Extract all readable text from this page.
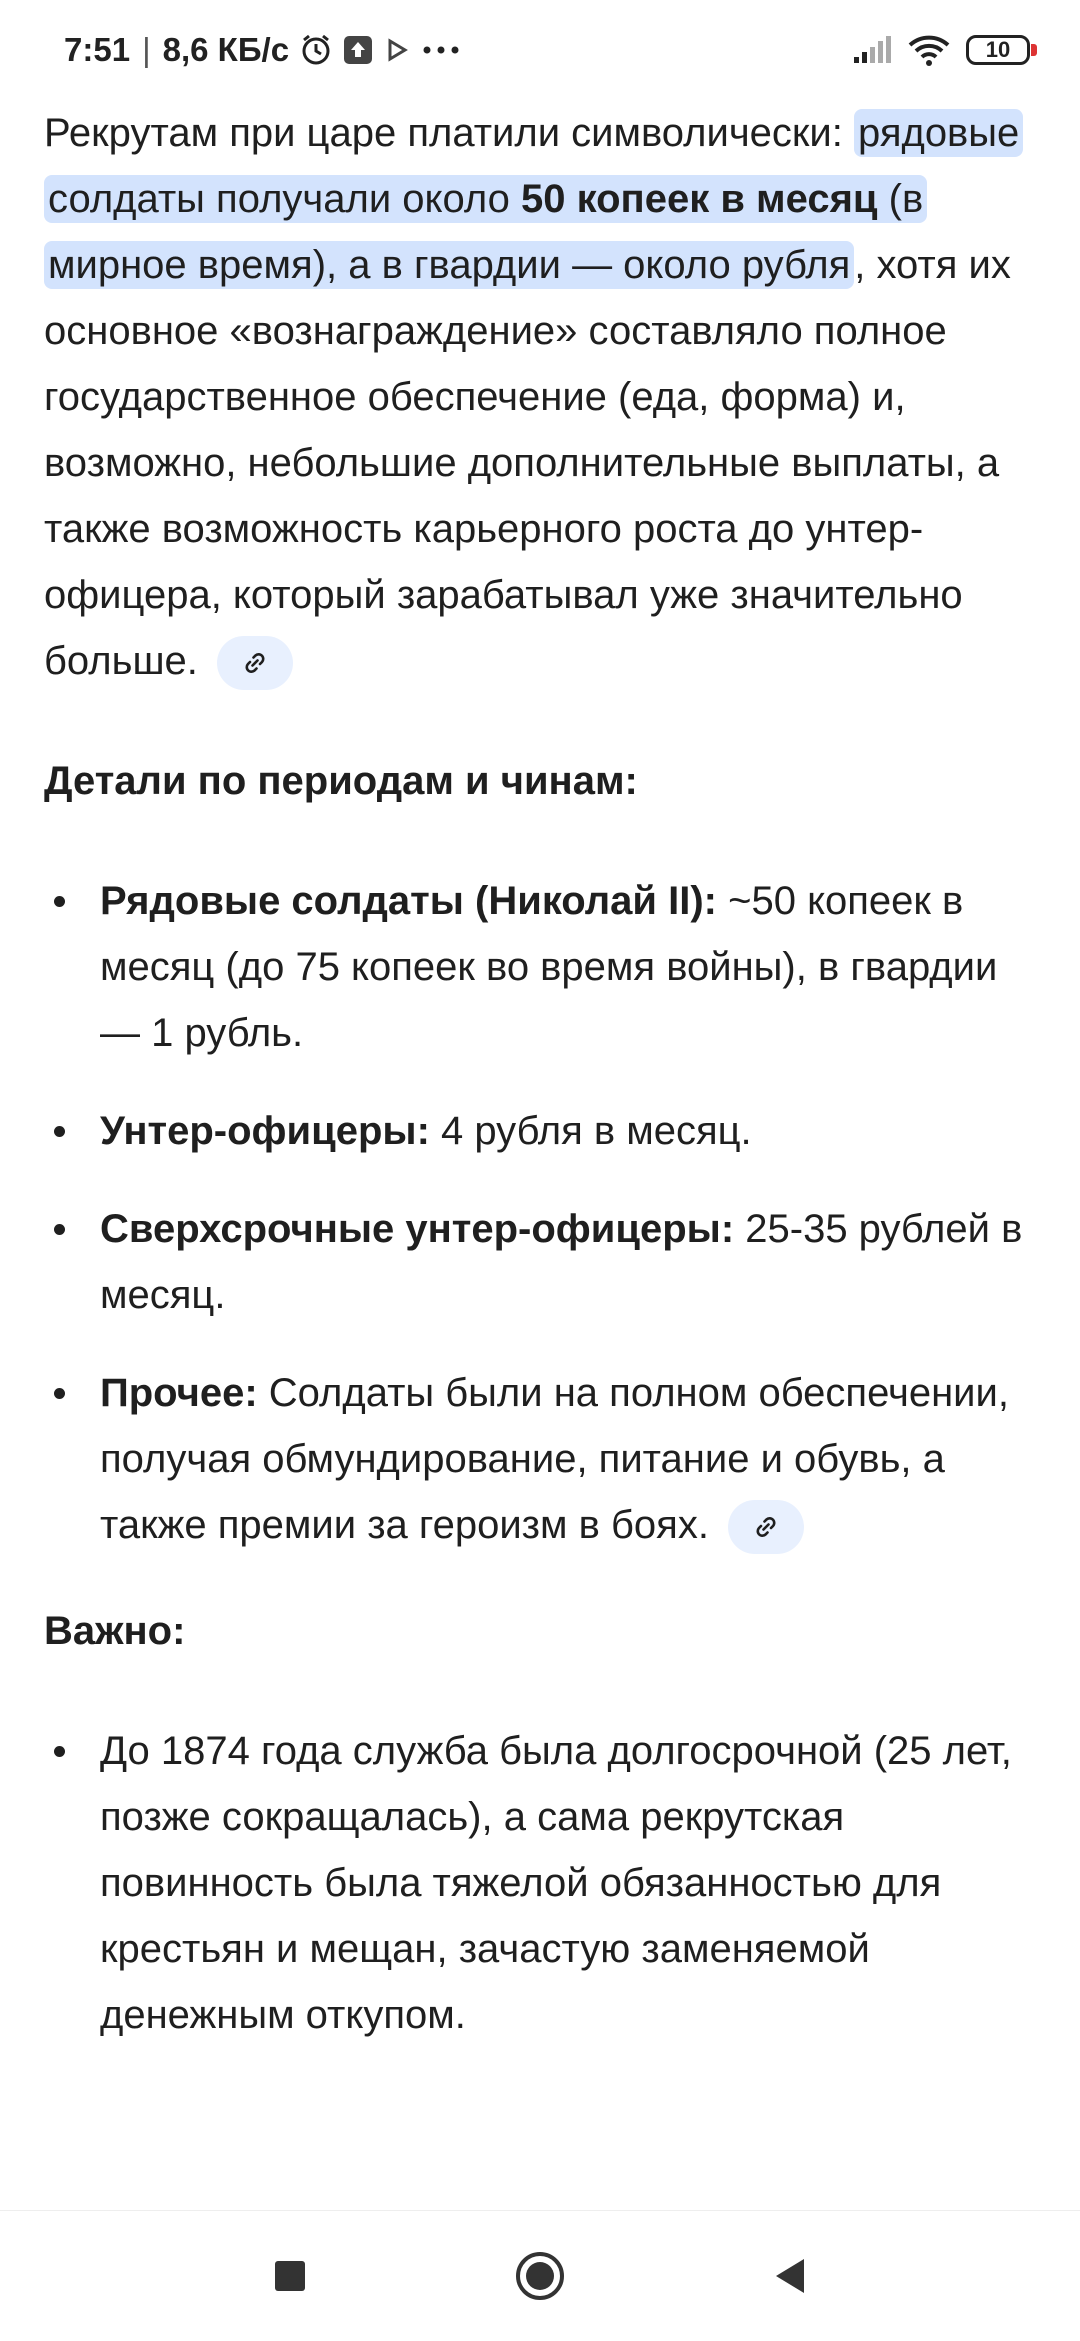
7:51 | 8,6 КБ/с	10

Рекрутам при царе платили символически: рядовые солдаты получали около 50 копеек в месяц (в мирное время), а в гвардии — около рубля , хотя их основное «вознаграждение» составляло полное государственное обеспечение (еда, форма) и, возможно, небольшие дополнительные выплаты, а также возможность карьерного роста до унтер-офицера, который зарабатывал уже значительно больше.

Детали по периодам и чинам:

Рядовые солдаты (Николай II): ~50 копеек в месяц (до 75 копеек во время войны), в гвардии — 1 рубль.
Унтер-офицеры: 4 рубля в месяц.
Сверхсрочные унтер-офицеры: 25-35 рублей в месяц.
Прочее: Солдаты были на полном обеспечении, получая обмундирование, питание и обувь, а также премии за героизм в боях.

Важно:

До 1874 года служба была долгосрочной (25 лет, позже сокращалась), а сама рекрутская повинность была тяжелой обязанностью для крестьян и мещан, зачастую заменяемой денежным откупом.
